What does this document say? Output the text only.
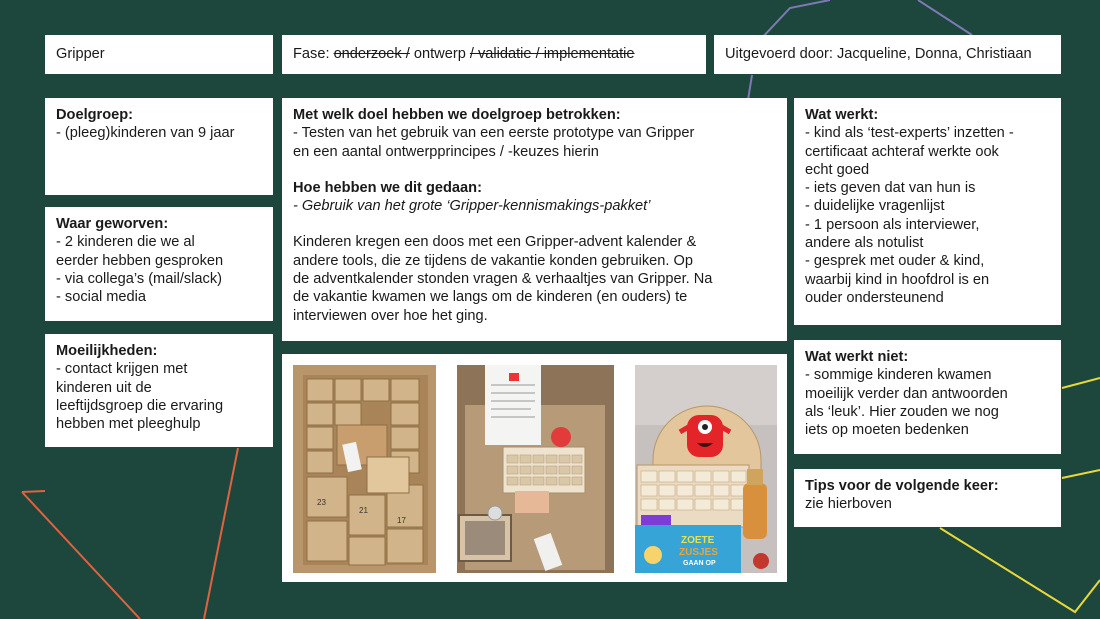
Gripper	Fase: onderzoek / ontwerp / validatie / implementatie	Uitgevoerd door: Jacqueline, Donna, Christiaan
Doelgroep:
- (pleeg)kinderen van 9 jaar
Waar geworven:
- 2 kinderen die we al
eerder hebben gesproken
- via collega’s (mail/slack)
- social media
Moeilijkheden:
- contact krijgen met
kinderen uit de
leeftijdsgroep die ervaring
hebben met pleeghulp
Met welk doel hebben we doelgroep betrokken:
- Testen van het gebruik van een eerste prototype van Gripper
en een aantal ontwerpprincipes / -keuzes hierin
Hoe hebben we dit gedaan:
- Gebruik van het grote ‘Gripper-kennismakings-pakket’
Kinderen kregen een doos met een Gripper-advent kalender &
andere tools, die ze tijdens de vakantie konden gebruiken. Op
de adventkalender stonden vragen & verhaaltjes van Gripper. Na
de vakantie kwamen we langs om de kinderen (en ouders) te
interviewen over hoe het ging.
23
21
17
ZOETE
ZUSJES
GAAN OP
Wat werkt:
- kind als ‘test-experts’ inzetten -
certificaat achteraf werkte ook
echt goed
- iets geven dat van hun is
- duidelijke vragenlijst
- 1 persoon als interviewer,
andere als notulist
- gesprek met ouder & kind,
waarbij kind in hoofdrol is en
ouder ondersteunend
Wat werkt niet:
- sommige kinderen kwamen
moeilijk verder dan antwoorden
als ‘leuk’. Hier zouden we nog
iets op moeten bedenken
Tips voor de volgende keer:
zie hierboven
